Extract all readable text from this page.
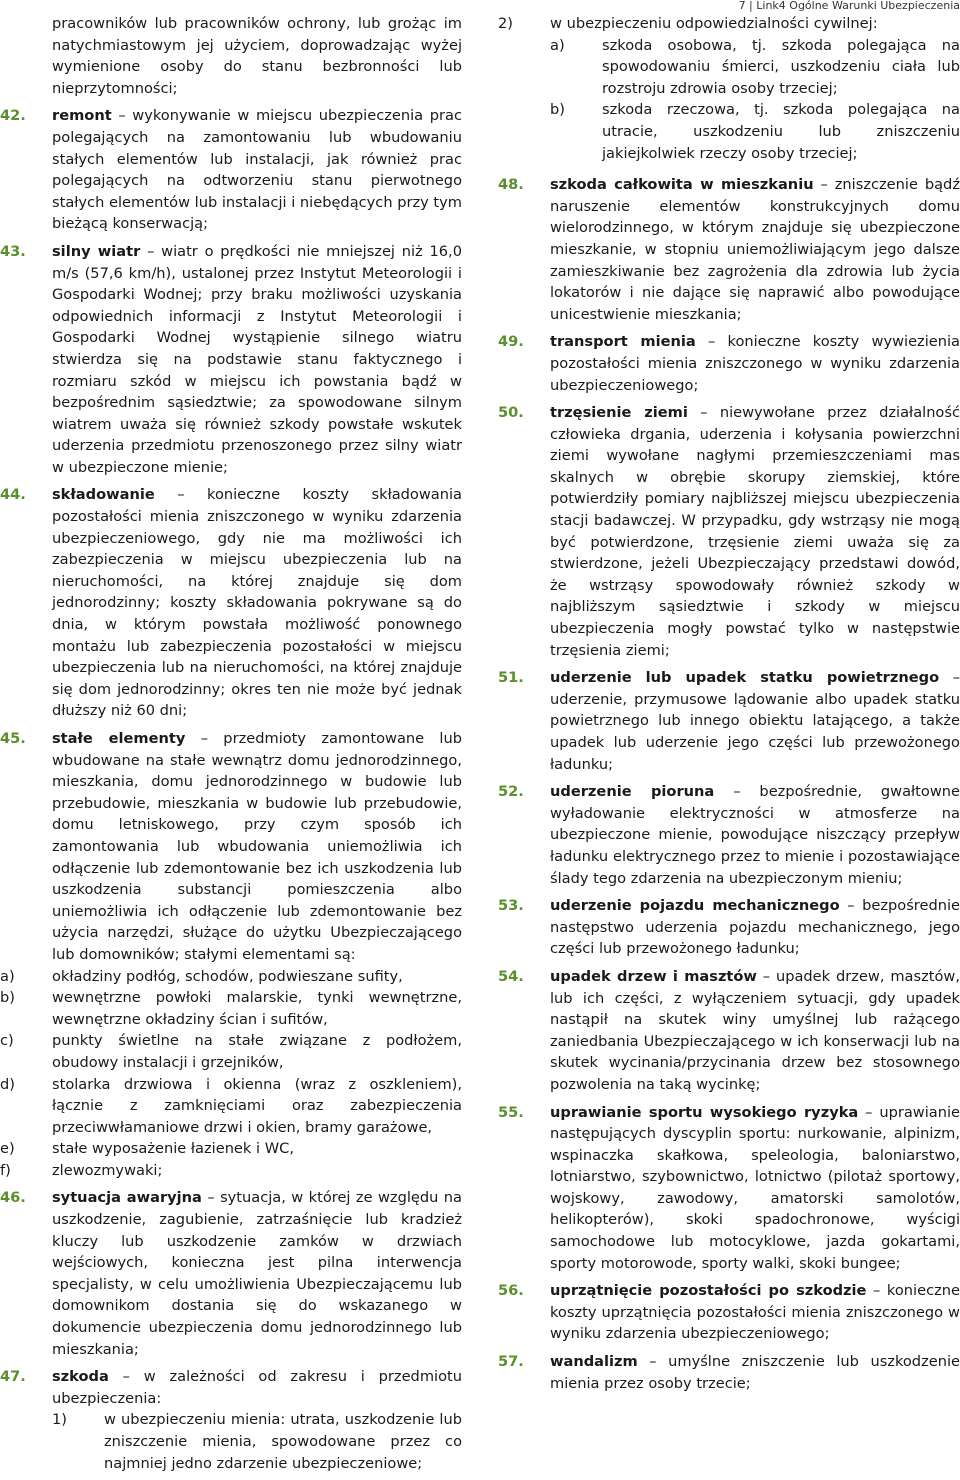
7 | Link4 Ogólne Warunki Ubezpieczenia

pracowników lub pracowników ochrony, lub grożąc im natychmiastowym jej użyciem, doprowadzając wyżej wymienione osoby do stanu bezbronności lub nieprzytomności;

42. remont – wykonywanie w miejscu ubezpieczenia prac polegających na zamontowaniu lub wbudowaniu stałych elementów lub instalacji, jak również prac polegających na odtworzeniu stanu pierwotnego stałych elementów lub instalacji i niebędących przy tym bieżącą konserwacją;

43. silny wiatr – wiatr o prędkości nie mniejszej niż 16,0 m/s (57,6 km/h), ustalonej przez Instytut Meteorologii i Gospodarki Wodnej; przy braku możliwości uzyskania odpowiednich informacji z Instytut Meteorologii i Gospodarki Wodnej wystąpienie silnego wiatru stwierdza się na podstawie stanu faktycznego i rozmiaru szkód w miejscu ich powstania bądź w bezpośrednim sąsiedztwie; za spowodowane silnym wiatrem uważa się również szkody powstałe wskutek uderzenia przedmiotu przenoszonego przez silny wiatr w ubezpieczone mienie;

44. składowanie – konieczne koszty składowania pozostałości mienia zniszczonego w wyniku zdarzenia ubezpieczeniowego, gdy nie ma możliwości ich zabezpieczenia w miejscu ubezpieczenia lub na nieruchomości, na której znajduje się dom jednorodzinny; koszty składowania pokrywane są do dnia, w którym powstała możliwość ponownego montażu lub zabezpieczenia pozostałości w miejscu ubezpieczenia lub na nieruchomości, na której znajduje się dom jednorodzinny; okres ten nie może być jednak dłuższy niż 60 dni;

45. stałe elementy – przedmioty zamontowane lub wbudowane na stałe wewnątrz domu jednorodzinnego, mieszkania, domu jednorodzinnego w budowie lub przebudowie, mieszkania w budowie lub przebudowie, domu letniskowego, przy czym sposób ich zamontowania lub wbudowania uniemożliwia ich odłączenie lub zdemontowanie bez ich uszkodzenia lub uszkodzenia substancji pomieszczenia albo uniemożliwia ich odłączenie lub zdemontowanie bez użycia narzędzi, służące do użytku Ubezpieczającego lub domowników; stałymi elementami są:

a)	okładziny podłóg, schodów, podwieszane sufity,
b)	wewnętrzne powłoki malarskie, tynki wewnętrzne, wewnętrzne okładziny ścian i sufitów,
c)	punkty świetlne na stałe związane z podłożem, obudowy instalacji i grzejników,
d)	stolarka drzwiowa i okienna (wraz z oszkleniem), łącznie z zamknięciami oraz zabezpieczenia przeciwwłamaniowe drzwi i okien, bramy garażowe,
e)	stałe wyposażenie łazienek i WC,
f)	zlewozmywaki;
46. sytuacja awaryjna – sytuacja, w której ze względu na uszkodzenie, zagubienie, zatrzaśnięcie lub kradzież kluczy lub uszkodzenie zamków w drzwiach wejściowych, konieczna jest pilna interwencja specjalisty, w celu umożliwienia Ubezpieczającemu lub domownikom dostania się do wskazanego w dokumencie ubezpieczenia domu jednorodzinnego lub mieszkania;

47. szkoda – w zależności od zakresu i przedmiotu ubezpieczenia:

1)	w ubezpieczeniu mienia: utrata, uszkodzenie lub zniszczenie mienia, spowodowane przez co najmniej jedno zdarzenie ubezpieczeniowe;
2)	w ubezpieczeniu odpowiedzialności cywilnej:

a)	szkoda osobowa, tj. szkoda polegająca na spowodowaniu śmierci, uszkodzeniu ciała lub rozstroju zdrowia osoby trzeciej;
b)	szkoda rzeczowa, tj. szkoda polegająca na utracie, uszkodzeniu lub zniszczeniu jakiejkolwiek rzeczy osoby trzeciej;
48. szkoda całkowita w mieszkaniu – zniszczenie bądź naruszenie elementów konstrukcyjnych domu wielorodzinnego, w którym znajduje się ubezpieczone mieszkanie, w stopniu uniemożliwiającym jego dalsze zamieszkiwanie bez zagrożenia dla zdrowia lub życia lokatorów i nie dające się naprawić albo powodujące unicestwienie mieszkania;

49. transport mienia – konieczne koszty wywiezienia pozostałości mienia zniszczonego w wyniku zdarzenia ubezpieczeniowego;

50. trzęsienie ziemi – niewywołane przez działalność człowieka drgania, uderzenia i kołysania powierzchni ziemi wywołane nagłymi przemieszczeniami mas skalnych w obrębie skorupy ziemskiej, które potwierdziły pomiary najbliższej miejscu ubezpieczenia stacji badawczej. W przypadku, gdy wstrząsy nie mogą być potwierdzone, trzęsienie ziemi uważa się za stwierdzone, jeżeli Ubezpieczający przedstawi dowód, że wstrząsy spowodowały również szkody w najbliższym sąsiedztwie i szkody w miejscu ubezpieczenia mogły powstać tylko w następstwie trzęsienia ziemi;

51. uderzenie lub upadek statku powietrznego – uderzenie, przymusowe lądowanie albo upadek statku powietrznego lub innego obiektu latającego, a także upadek lub uderzenie jego części lub przewożonego ładunku;

52. uderzenie pioruna – bezpośrednie, gwałtowne wyładowanie elektryczności w atmosferze na ubezpieczone mienie, powodujące niszczący przepływ ładunku elektrycznego przez to mienie i pozostawiające ślady tego zdarzenia na ubezpieczonym mieniu;

53. uderzenie pojazdu mechanicznego – bezpośrednie następstwo uderzenia pojazdu mechanicznego, jego części lub przewożonego ładunku;

54. upadek drzew i masztów – upadek drzew, masztów, lub ich części, z wyłączeniem sytuacji, gdy upadek nastąpił na skutek winy umyślnej lub rażącego zaniedbania Ubezpieczającego w ich konserwacji lub na skutek wycinania/przycinania drzew bez stosownego pozwolenia na taką wycinkę;

55. uprawianie sportu wysokiego ryzyka – uprawianie następujących dyscyplin sportu: nurkowanie, alpinizm, wspinaczka skałkowa, speleologia, baloniarstwo, lotniarstwo, szybownictwo, lotnictwo (pilotaż sportowy, wojskowy, zawodowy, amatorski samolotów, helikopterów), skoki spadochronowe, wyścigi samochodowe lub motocyklowe, jazda gokartami, sporty motorowode, sporty walki, skoki bungee;

56. uprzątnięcie pozostałości po szkodzie – konieczne koszty uprzątnięcia pozostałości mienia zniszczonego w wyniku zdarzenia ubezpieczeniowego;

57. wandalizm – umyślne zniszczenie lub uszkodzenie mienia przez osoby trzecie;
